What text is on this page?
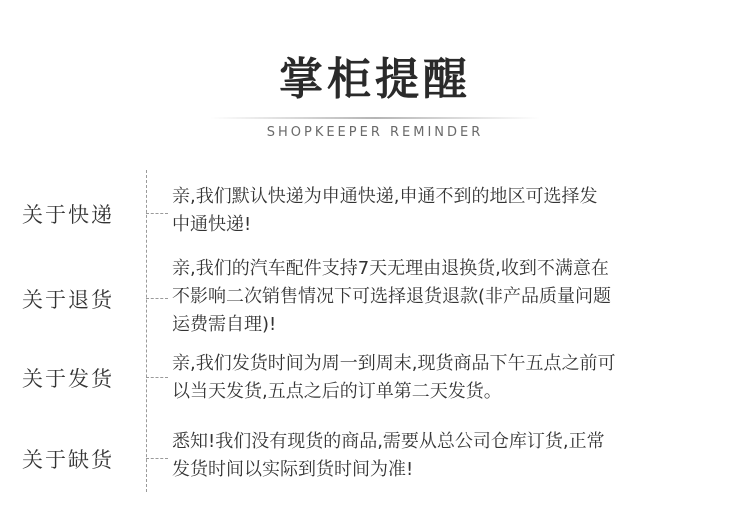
掌柜提醒
SHOPKEEPER REMINDER
关于快递
亲,我们默认快递为申通快递,申通不到的地区可选择发
中通快递!
关于退货
亲,我们的汽车配件支持7天无理由退换货,收到不满意在
不影响二次销售情况下可选择退货退款(非产品质量问题
运费需自理)!
关于发货
亲,我们发货时间为周一到周末,现货商品下午五点之前可
以当天发货,五点之后的订单第二天发货。
关于缺货
悉知!我们没有现货的商品,需要从总公司仓库订货,正常
发货时间以实际到货时间为准!
